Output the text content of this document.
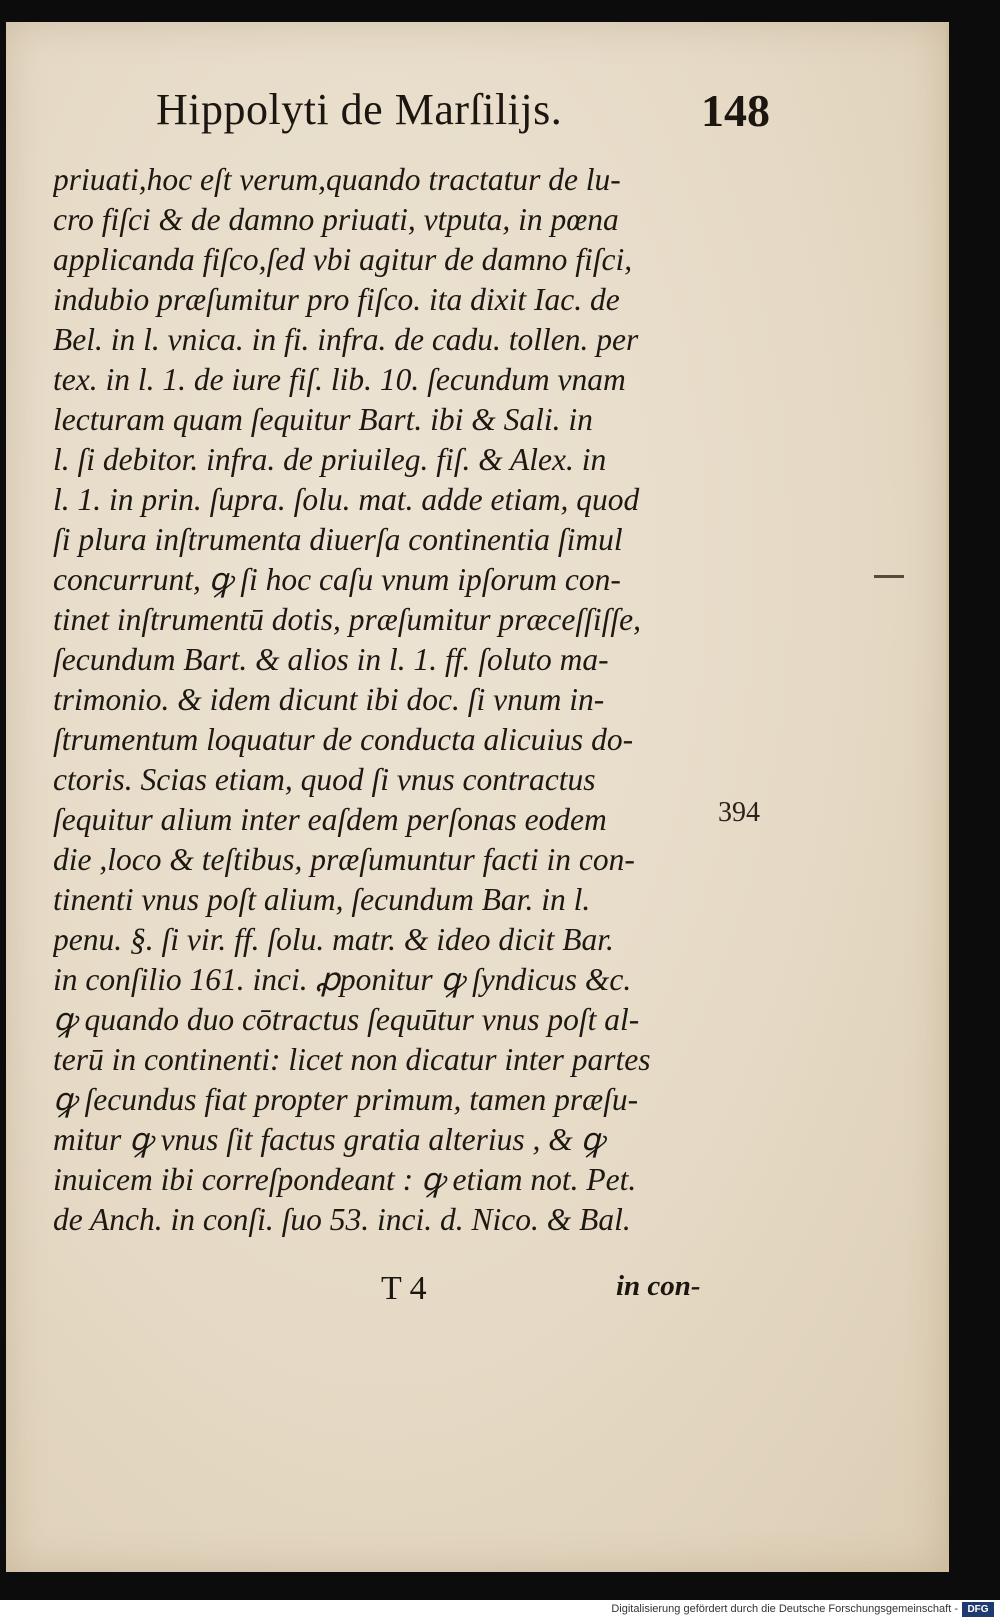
Hippolyti de Marſilijs.	148
priuati,hoc eſt verum,quando tractatur de lu-
cro fiſci & de damno priuati, vtputa, in pœna
applicanda fiſco,ſed vbi agitur de damno fiſci,
indubio præſumitur pro fiſco. ita dixit Iac. de
Bel. in l. vnica. in fi. infra. de cadu. tollen. per
tex. in l. 1. de iure fiſ. lib. 10. ſecundum vnam
lecturam quam ſequitur Bart. ibi & Sali. in
l. ſi debitor. infra. de priuileg. fiſ. & Alex. in
l. 1. in prin. ſupra. ſolu. mat. adde etiam, quod
ſi plura inſtrumenta diuerſa continentia ſimul
concurrunt, ꝙ ſi hoc caſu vnum ipſorum con-
tinet inſtrumentū dotis, præſumitur præceſſiſſe,
ſecundum Bart. & alios in l. 1. ff. ſoluto ma-
trimonio. & idem dicunt ibi doc. ſi vnum in-
ſtrumentum loquatur de conducta alicuius do-
ctoris. Scias etiam, quod ſi vnus contractus
ſequitur alium inter eaſdem perſonas eodem
die ,loco & teſtibus, præſumuntur facti in con-
tinenti vnus poſt alium, ſecundum Bar. in l.
penu. §. ſi vir. ff. ſolu. matr. & ideo dicit Bar.
in conſilio 161. inci. ꝓponitur ꝙ ſyndicus &c.
ꝙ quando duo cōtractus ſequūtur vnus poſt al-
terū in continenti: licet non dicatur inter partes
ꝙ ſecundus fiat propter primum, tamen præſu-
mitur ꝙ vnus ſit factus gratia alterius , & ꝙ
inuicem ibi correſpondeant : ꝙ etiam not. Pet.
de Anch. in conſi. ſuo 53. inci. d. Nico. & Bal.
394
T 4	in con-
Digitalisierung gefördert durch die Deutsche Forschungsgemeinschaft - DFG
